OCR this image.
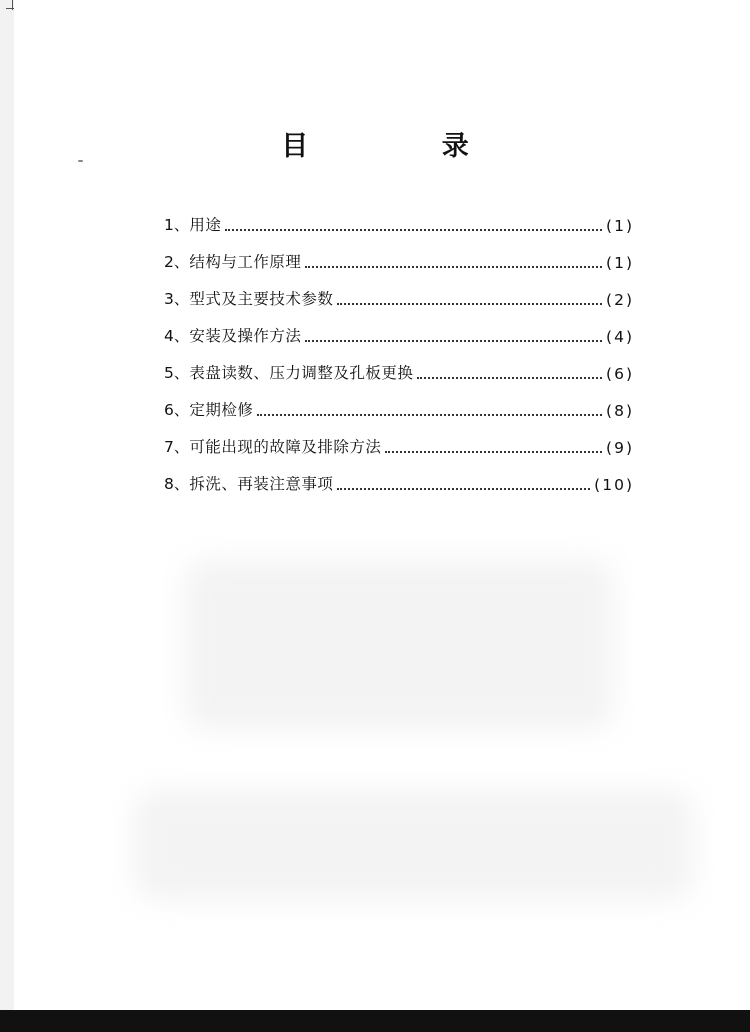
目 录
1、 用途	(1)
2、 结构与工作原理	(1)
3、 型式及主要技术参数	(2)
4、 安装及操作方法	(4)
5、 表盘读数、压力调整及孔板更换	(6)
6、 定期检修	(8)
7、 可能出现的故障及排除方法	(9)
8、 拆洗、再装注意事项	(10)
